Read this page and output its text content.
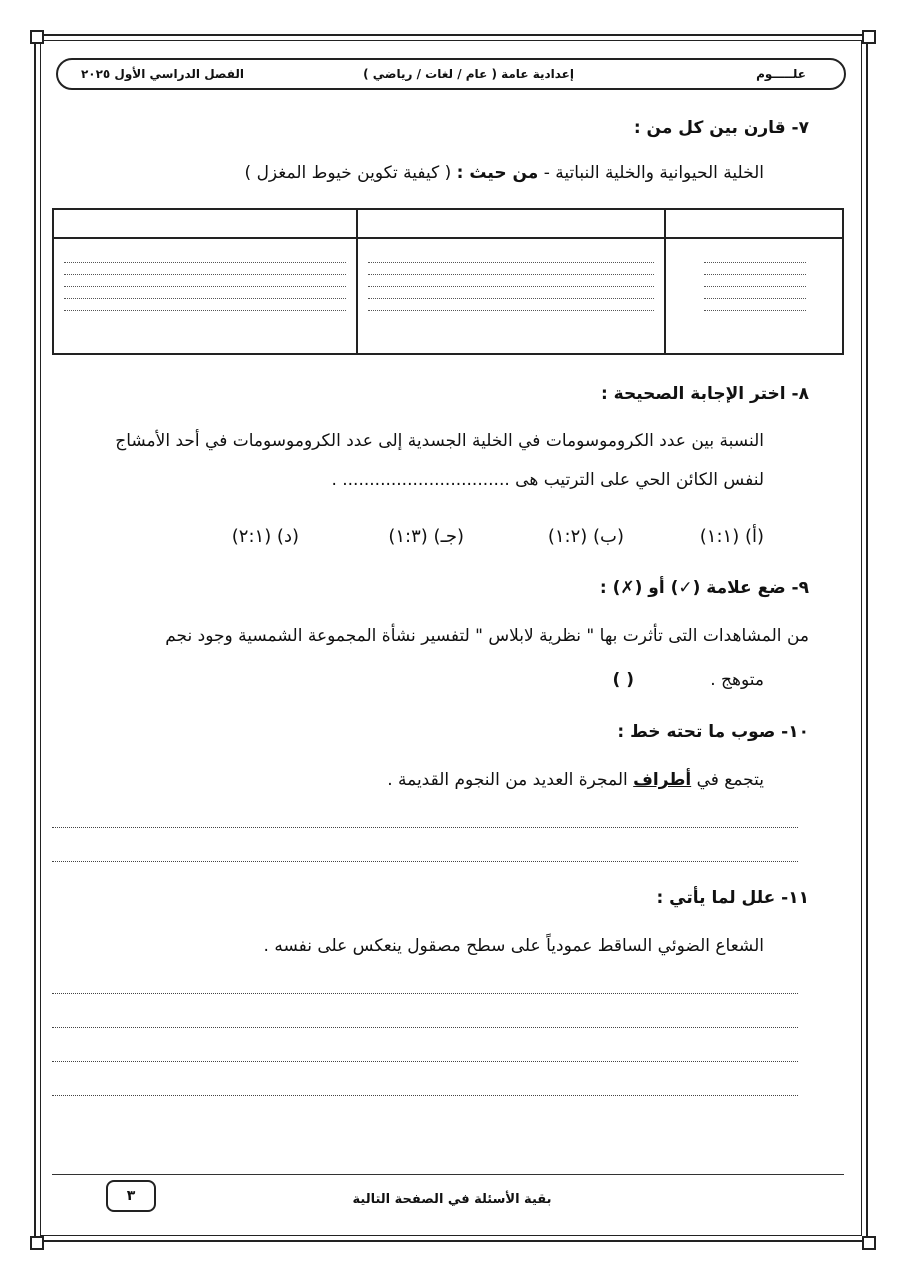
علـــــوم
إعدادية عامة ( عام / لغات / رياضي )
الفصل الدراسي الأول ٢٠٢٥
٧- قارن بين كل من :
الخلية الحيوانية والخلية النباتية - من حيث : ( كيفية تكوين خيوط المغزل )

٨- اختر الإجابة الصحيحة :
النسبة بين عدد الكروموسومات في الخلية الجسدية إلى عدد الكروموسومات في أحد الأمشاج
لنفس الكائن الحي على الترتيب هى ............................... .
(أ) (١:١)
(ب) (١:٢)
(جـ) (١:٣)
(د) (٢:١)
٩- ضع علامة (✓) أو (✗) :
من المشاهدات التى تأثرت بها " نظرية لابلاس " لتفسير نشأة المجموعة الشمسية وجود نجم
متوهج .
( )
١٠- صوب ما تحته خط :
يتجمع في أطراف المجرة العديد من النجوم القديمة .
١١- علل لما يأتي :
الشعاع الضوئي الساقط عمودياً على سطح مصقول ينعكس على نفسه .
٣	بقية الأسئلة في الصفحة التالية
